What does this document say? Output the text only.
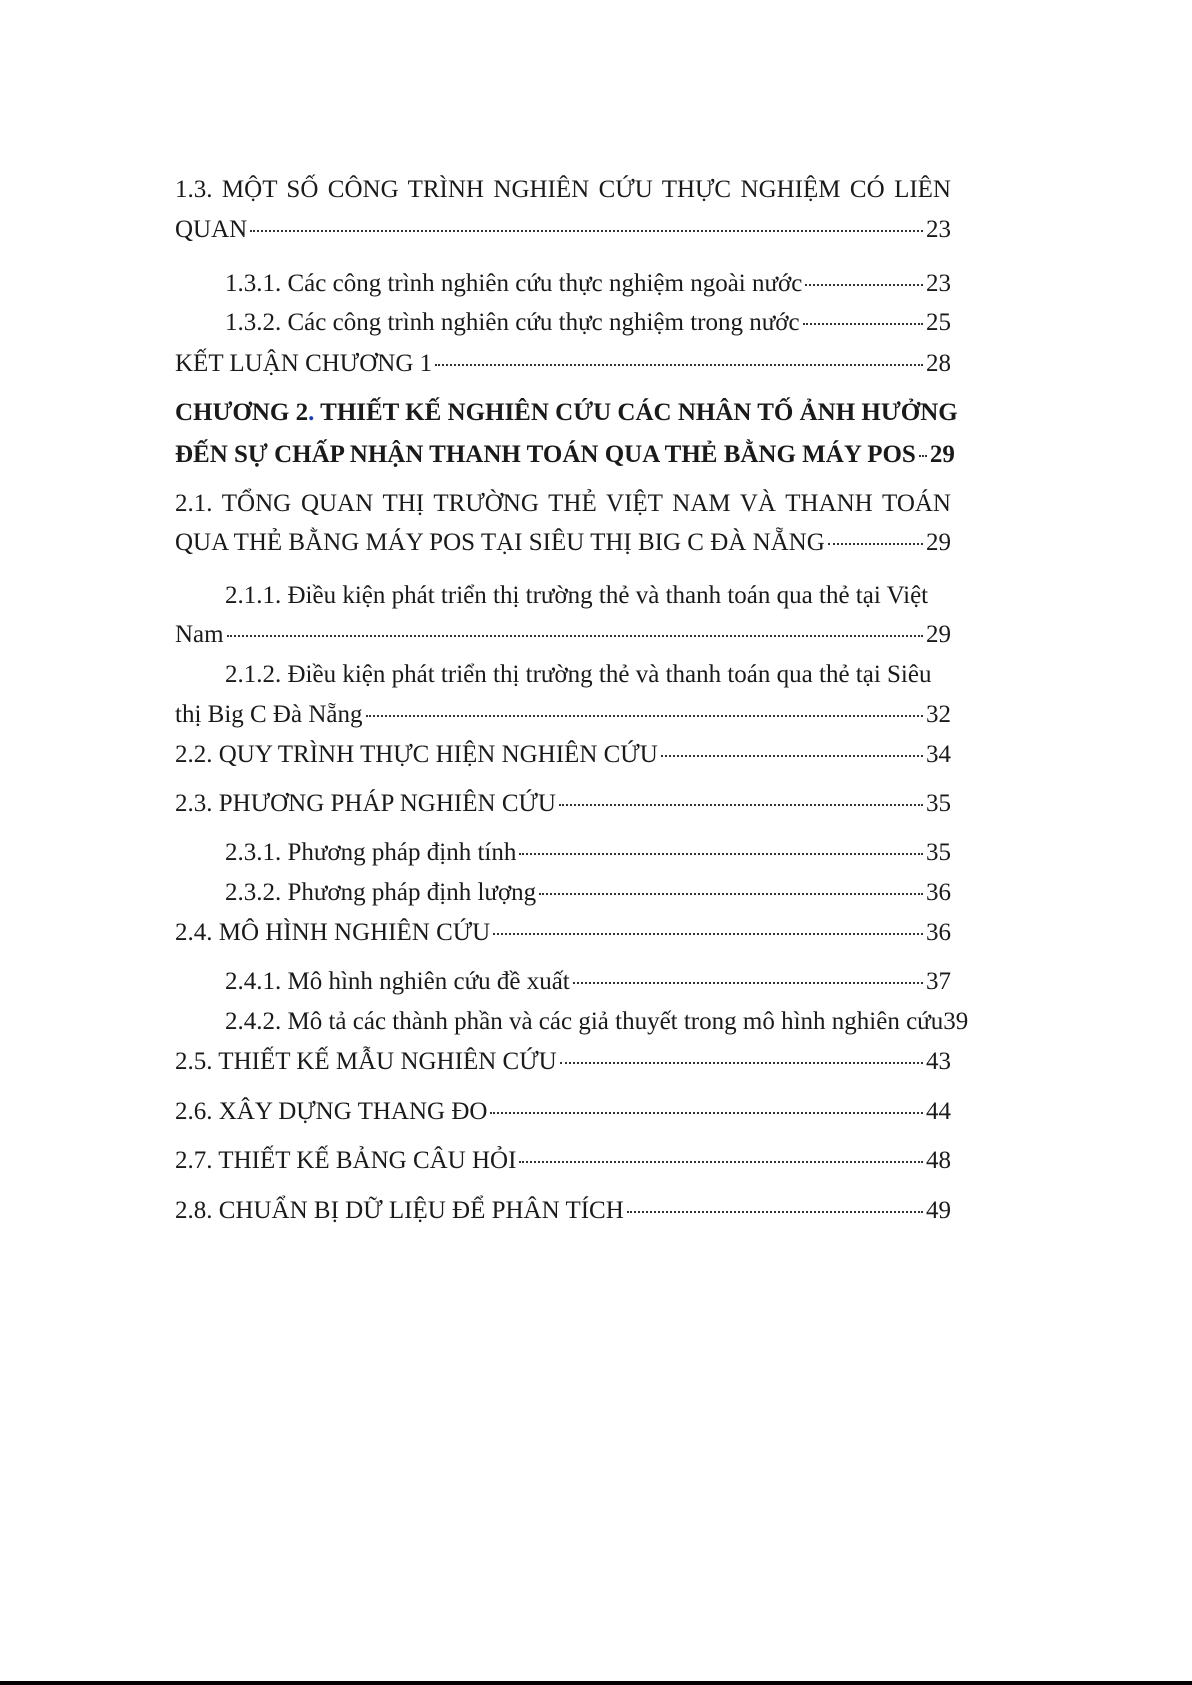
1.3. MỘT SỐ CÔNG TRÌNH NGHIÊN CỨU THỰC NGHIỆM CÓ LIÊN
QUAN	23
1.3.1. Các công trình nghiên cứu thực nghiệm ngoài nước	23
1.3.2. Các công trình nghiên cứu thực nghiệm trong nước	25
KẾT LUẬN CHƯƠNG 1	28
CHƯƠNG 2. THIẾT KẾ NGHIÊN CỨU CÁC NHÂN TỐ ẢNH HƯỞNG
ĐẾN SỰ CHẤP NHẬN THANH TOÁN QUA THẺ BẰNG MÁY POS 29
2.1. TỔNG QUAN THỊ TRƯỜNG THẺ VIỆT NAM VÀ THANH TOÁN
QUA THẺ BẰNG MÁY POS TẠI SIÊU THỊ BIG C ĐÀ NẴNG	29
2.1.1. Điều kiện phát triển thị trường thẻ và thanh toán qua thẻ tại Việt
Nam	29
2.1.2. Điều kiện phát triển thị trường thẻ và thanh toán qua thẻ tại Siêu
thị Big C Đà Nẵng	32
2.2. QUY TRÌNH THỰC HIỆN NGHIÊN CỨU	34
2.3. PHƯƠNG PHÁP NGHIÊN CỨU	35
2.3.1. Phương pháp định tính	35
2.3.2. Phương pháp định lượng	36
2.4. MÔ HÌNH NGHIÊN CỨU	36
2.4.1. Mô hình nghiên cứu đề xuất	37
2.4.2. Mô tả các thành phần và các giả thuyết trong mô hình nghiên cứu 39
2.5. THIẾT KẾ MẪU NGHIÊN CỨU	43
2.6. XÂY DỰNG THANG ĐO	44
2.7. THIẾT KẾ BẢNG CÂU HỎI	48
2.8. CHUẨN BỊ DỮ LIỆU ĐỂ PHÂN TÍCH	49
